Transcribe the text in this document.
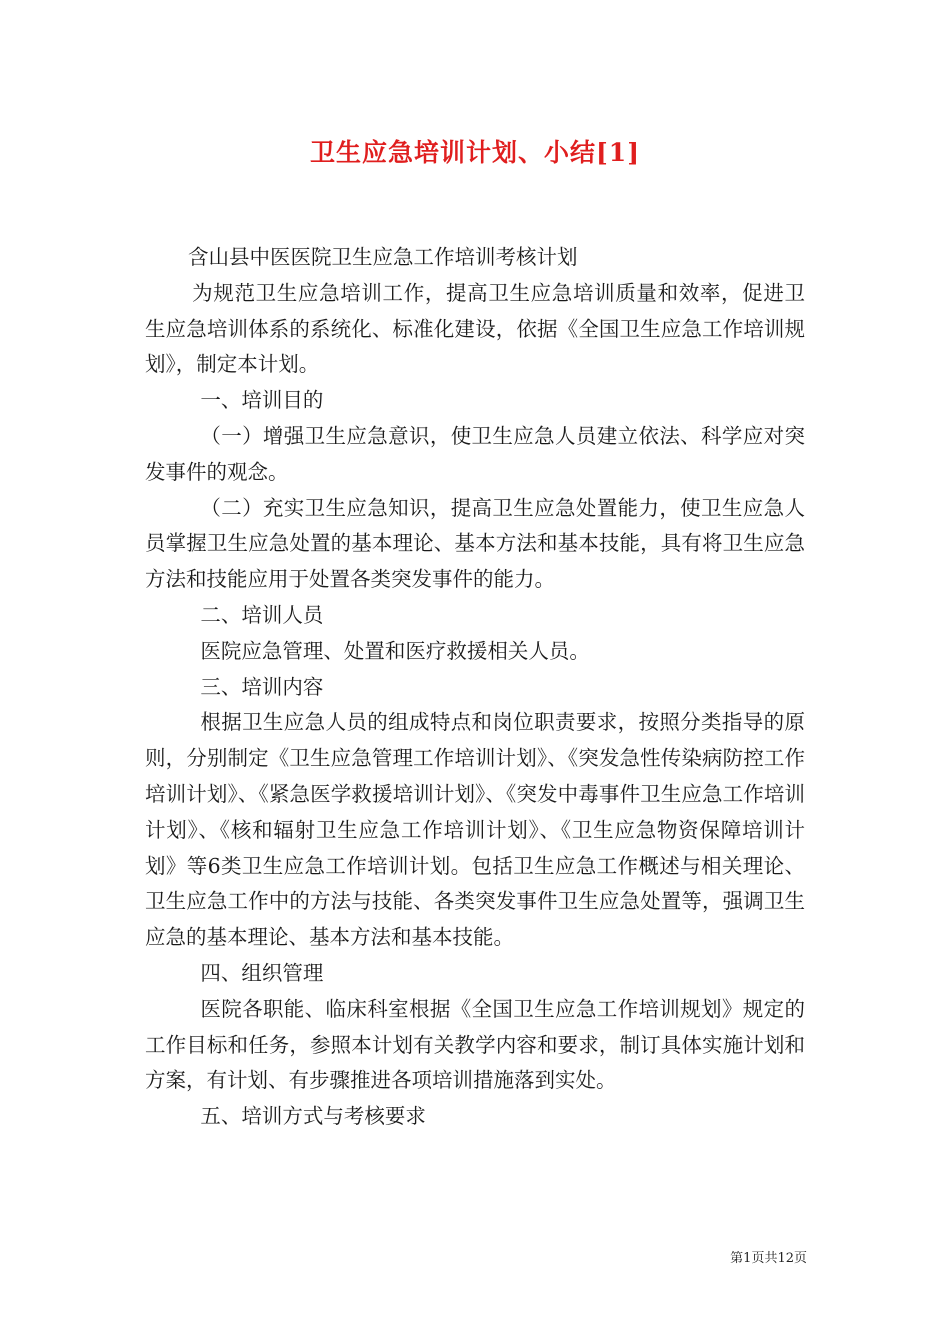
卫生应急培训计划、小结[1]

含山县中医医院卫生应急工作培训考核计划

为规范卫生应急培训工作，提高卫生应急培训质量和效率，促进卫生应急培训体系的系统化、标准化建设，依据《全国卫生应急工作培训规划》，制定本计划。

一、培训目的

（一）增强卫生应急意识，使卫生应急人员建立依法、科学应对突发事件的观念。

（二）充实卫生应急知识，提高卫生应急处置能力，使卫生应急人员掌握卫生应急处置的基本理论、基本方法和基本技能，具有将卫生应急方法和技能应用于处置各类突发事件的能力。

二、培训人员

医院应急管理、处置和医疗救援相关人员。

三、培训内容

根据卫生应急人员的组成特点和岗位职责要求，按照分类指导的原则，分别制定《卫生应急管理工作培训计划》、《突发急性传染病防控工作培训计划》、《紧急医学救援培训计划》、《突发中毒事件卫生应急工作培训计划》、《核和辐射卫生应急工作培训计划》、《卫生应急物资保障培训计划》等6类卫生应急工作培训计划。包括卫生应急工作概述与相关理论、卫生应急工作中的方法与技能、各类突发事件卫生应急处置等，强调卫生应急的基本理论、基本方法和基本技能。

四、组织管理

医院各职能、临床科室根据《全国卫生应急工作培训规划》规定的工作目标和任务，参照本计划有关教学内容和要求，制订具体实施计划和方案，有计划、有步骤推进各项培训措施落到实处。

五、培训方式与考核要求

第1页共12页
